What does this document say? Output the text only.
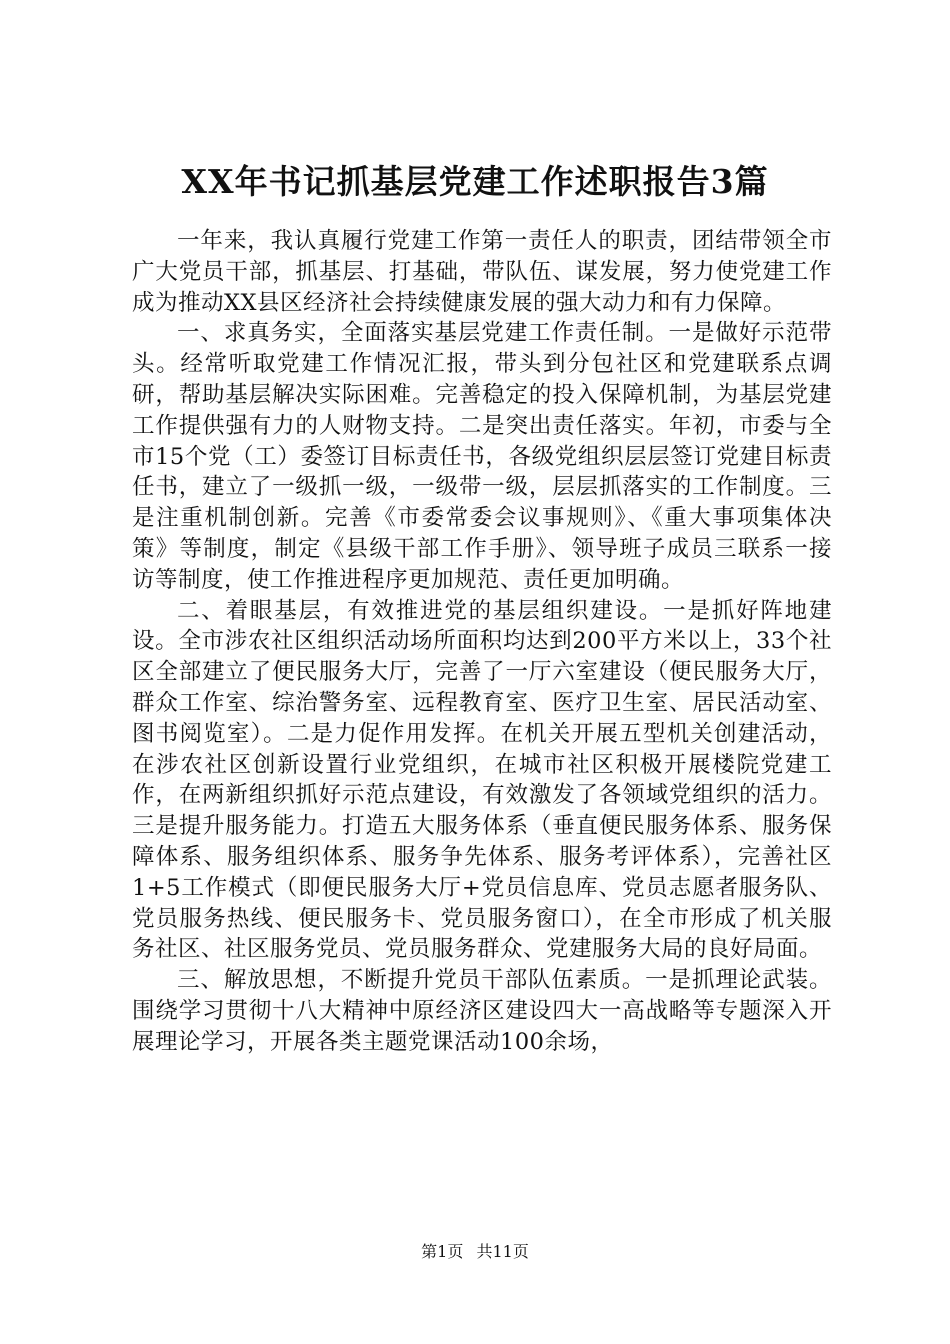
XX年书记抓基层党建工作述职报告3篇

一年来，我认真履行党建工作第一责任人的职责，团结带领全市广大党员干部，抓基层、打基础，带队伍、谋发展，努力使党建工作成为推动XX县区经济社会持续健康发展的强大动力和有力保障。

一、求真务实，全面落实基层党建工作责任制。一是做好示范带头。经常听取党建工作情况汇报，带头到分包社区和党建联系点调研，帮助基层解决实际困难。完善稳定的投入保障机制，为基层党建工作提供强有力的人财物支持。二是突出责任落实。年初，市委与全市15个党（工）委签订目标责任书，各级党组织层层签订党建目标责任书，建立了一级抓一级，一级带一级，层层抓落实的工作制度。三是注重机制创新。完善《市委常委会议事规则》、《重大事项集体决策》等制度，制定《县级干部工作手册》、领导班子成员三联系一接访等制度，使工作推进程序更加规范、责任更加明确。

二、着眼基层，有效推进党的基层组织建设。一是抓好阵地建设。全市涉农社区组织活动场所面积均达到200平方米以上，33个社区全部建立了便民服务大厅，完善了一厅六室建设（便民服务大厅，群众工作室、综治警务室、远程教育室、医疗卫生室、居民活动室、图书阅览室）。二是力促作用发挥。在机关开展五型机关创建活动，在涉农社区创新设置行业党组织，在城市社区积极开展楼院党建工作，在两新组织抓好示范点建设，有效激发了各领域党组织的活力。三是提升服务能力。打造五大服务体系（垂直便民服务体系、服务保障体系、服务组织体系、服务争先体系、服务考评体系），完善社区1+5工作模式（即便民服务大厅+党员信息库、党员志愿者服务队、党员服务热线、便民服务卡、党员服务窗口），在全市形成了机关服务社区、社区服务党员、党员服务群众、党建服务大局的良好局面。

三、解放思想，不断提升党员干部队伍素质。一是抓理论武装。围绕学习贯彻十八大精神中原经济区建设四大一高战略等专题深入开展理论学习，开展各类主题党课活动100余场，

第1页 共11页
